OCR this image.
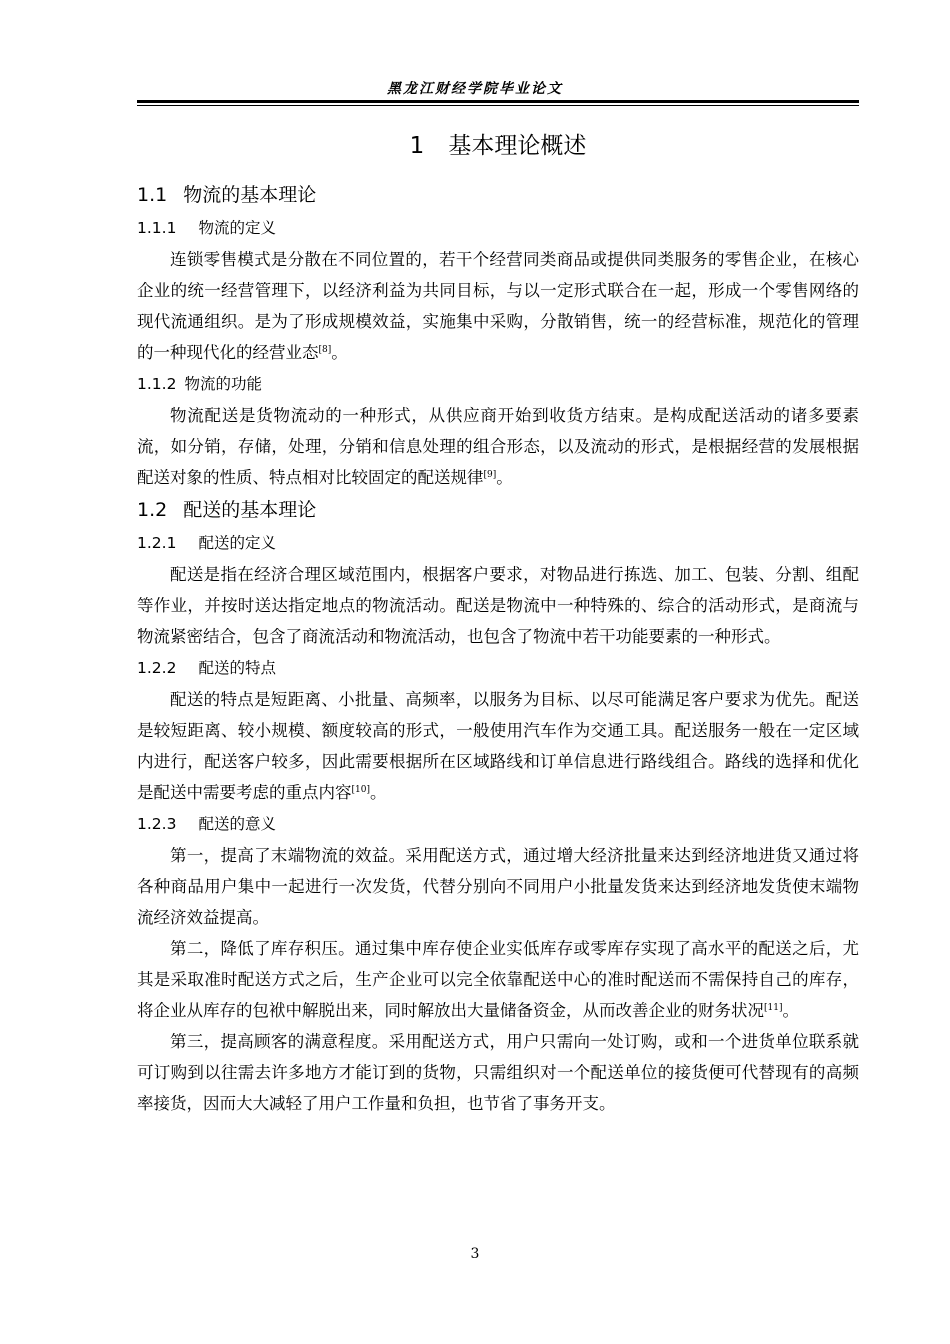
黑龙江财经学院毕业论文
1 基本理论概述
1.1 物流的基本理论
1.1.1 物流的定义

连锁零售模式是分散在不同位置的，若干个经营同类商品或提供同类服务的零售企业，在核心企业的统一经营管理下，以经济利益为共同目标，与以一定形式联合在一起，形成一个零售网络的现代流通组织。是为了形成规模效益，实施集中采购，分散销售，统一的经营标准，规范化的管理的一种现代化的经营业态[8]。

1.1.2 物流的功能

物流配送是货物流动的一种形式，从供应商开始到收货方结束。是构成配送活动的诸多要素流，如分销，存储，处理，分销和信息处理的组合形态，以及流动的形式，是根据经营的发展根据配送对象的性质、特点相对比较固定的配送规律[9]。

1.2 配送的基本理论
1.2.1 配送的定义

配送是指在经济合理区域范围内，根据客户要求，对物品进行拣选、加工、包装、分割、组配等作业，并按时送达指定地点的物流活动。配送是物流中一种特殊的、综合的活动形式，是商流与物流紧密结合，包含了商流活动和物流活动，也包含了物流中若干功能要素的一种形式。

1.2.2 配送的特点

配送的特点是短距离、小批量、高频率，以服务为目标、以尽可能满足客户要求为优先。配送是较短距离、较小规模、额度较高的形式，一般使用汽车作为交通工具。配送服务一般在一定区域内进行，配送客户较多，因此需要根据所在区域路线和订单信息进行路线组合。路线的选择和优化是配送中需要考虑的重点内容[10]。

1.2.3 配送的意义

第一，提高了末端物流的效益。采用配送方式，通过增大经济批量来达到经济地进货又通过将各种商品用户集中一起进行一次发货，代替分别向不同用户小批量发货来达到经济地发货使末端物流经济效益提高。

第二，降低了库存积压。通过集中库存使企业实低库存或零库存实现了高水平的配送之后，尤其是采取准时配送方式之后，生产企业可以完全依靠配送中心的准时配送而不需保持自己的库存，将企业从库存的包袱中解脱出来，同时解放出大量储备资金，从而改善企业的财务状况[11]。

第三，提高顾客的满意程度。采用配送方式，用户只需向一处订购，或和一个进货单位联系就可订购到以往需去许多地方才能订到的货物，只需组织对一个配送单位的接货便可代替现有的高频率接货，因而大大减轻了用户工作量和负担，也节省了事务开支。

3
